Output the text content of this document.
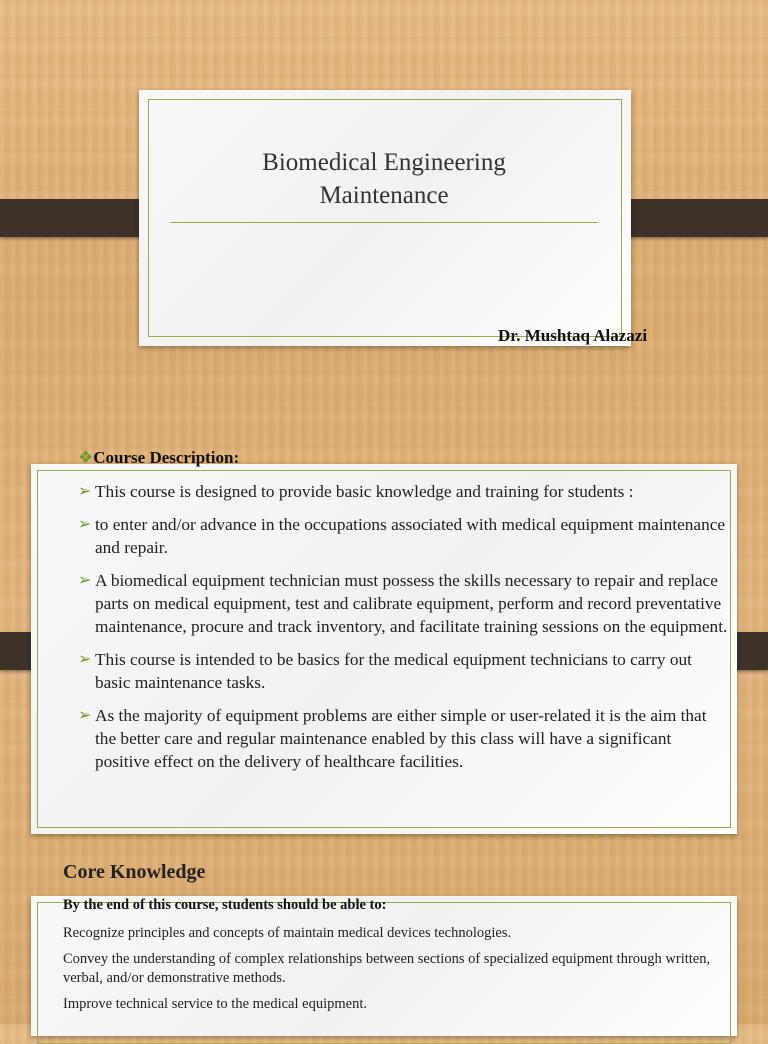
Biomedical Engineering
Maintenance
Dr. Mushtaq Alazazi
❖Course Description:
➢ This course is designed to provide basic knowledge and training for students :
➢ to enter and/or advance in the occupations associated with medical equipment maintenance and repair.
➢ A biomedical equipment technician must possess the skills necessary to repair and replace parts on medical equipment, test and calibrate equipment, perform and record preventative maintenance, procure and track inventory, and facilitate training sessions on the equipment.
➢ This course is intended to be basics for the medical equipment technicians to carry out basic maintenance tasks.
➢ As the majority of equipment problems are either simple or user-related it is the aim that the better care and regular maintenance enabled by this class will have a significant positive effect on the delivery of healthcare facilities.
Core Knowledge
By the end of this course, students should be able to:
Recognize principles and concepts of maintain medical devices technologies.
Convey the understanding of complex relationships between sections of specialized equipment through written, verbal, and/or demonstrative methods.
Improve technical service to the medical equipment.
